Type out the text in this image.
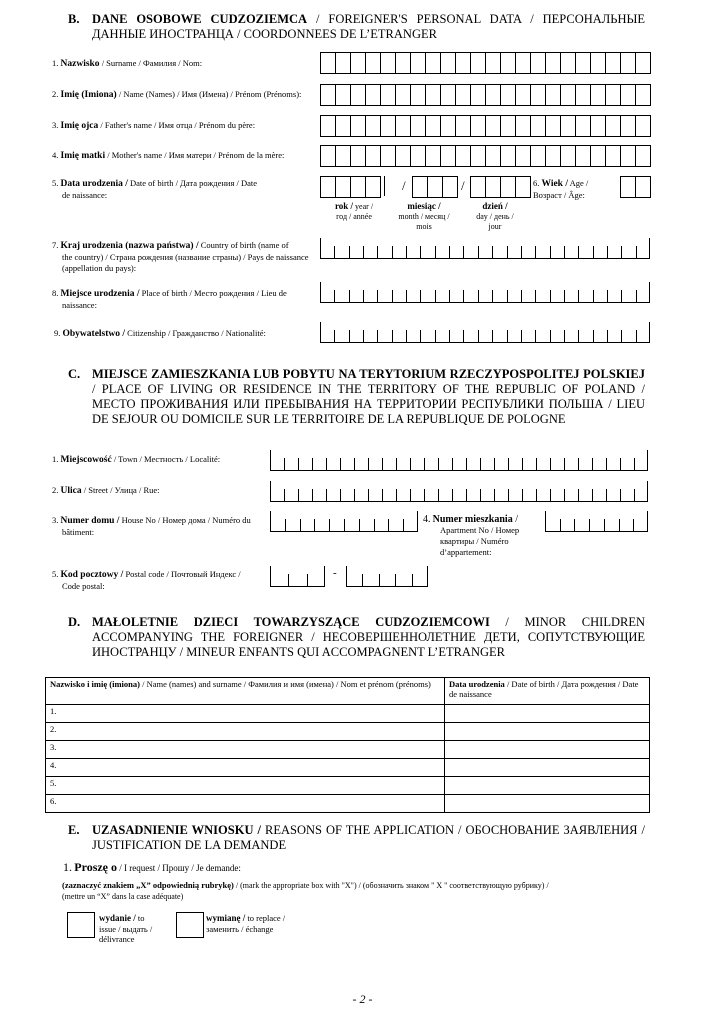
B. DANE OSOBOWE CUDZOZIEMCA / FOREIGNER'S PERSONAL DATA / ПЕРСОНАЛЬНЫЕ ДАННЫЕ ИНОСТРАНЦА / COORDONNEES DE L’ETRANGER
1. Nazwisko / Surname / Фамилия / Nom:
2. Imię (Imiona) / Name (Names) / Имя (Имена) / Prénom (Prénoms):
3. Imię ojca / Father's name / Имя отца / Prénom du père:
4. Imię matki / Mother's name / Имя матери / Prénom de la mère:
5. Data urodzenia / Date of birth / Дата рождения / Date
de naissance:
/	/
rok / year /
год / année
miesiąc /
month / месяц /
mois
dzień /
day / день /
jour
6. Wiek / Age /
Возраст / Âge:
7. Kraj urodzenia (nazwa państwa) / Country of birth (name of
the country) / Страна рождения (название страны) / Pays de naissance (appellation du pays):
8. Miejsce urodzenia / Place of birth / Место рождения / Lieu de
naissance:
9. Obywatelstwo / Citizenship / Гражданство / Nationalité:
C. MIEJSCE ZAMIESZKANIA LUB POBYTU NA TERYTORIUM RZECZYPOSPOLITEJ POLSKIEJ / PLACE OF LIVING OR RESIDENCE IN THE TERRITORY OF THE REPUBLIC OF POLAND / МЕСТО ПРОЖИВАНИЯ ИЛИ ПРЕБЫВАНИЯ НА ТЕРРИТОРИИ РЕСПУБЛИКИ ПОЛЬША / LIEU DE SEJOUR OU DOMICILE SUR LE TERRITOIRE DE LA REPUBLIQUE DE POLOGNE
1. Miejscowość / Town / Местность / Localité:
2. Ulica / Street / Улица / Rue:
3. Numer domu / House No / Номер дома / Numéro du
bâtiment:
4. Numer mieszkania /
Apartment No / Номер
квартиры / Numéro
d’appartement:
5. Kod pocztowy / Postal code / Почтовый Индекс /
Code postal:
-
D. MAŁOLETNIE DZIECI TOWARZYSZĄCE CUDZOZIEMCOWI / MINOR CHILDREN ACCOMPANYING THE FOREIGNER / НЕСОВЕРШЕННОЛЕТНИЕ ДЕТИ, СОПУТСТВУЮЩИЕ ИНОСТРАНЦУ / MINEUR ENFANTS QUI ACCOMPAGNENT L’ETRANGER
Nazwisko i imię (imiona) / Name (names) and surname / Фамилия и имя (имена) / Nom et prénom (prénoms)	Data urodzenia / Date of birth / Дата рождения / Date de naissance
1.	
2.	
3.	
4.	
5.	
6.	
E. UZASADNIENIE WNIOSKU / REASONS OF THE APPLICATION / ОБОСНОВАНИЕ ЗАЯВЛЕНИЯ / JUSTIFICATION DE LA DEMANDE
1. Proszę o / I request / Прошу / Je demande:
(zaznaczyć znakiem „X” odpowiednią rubrykę) / (mark the appropriate box with "X") / (обозначить знаком " X " соответствующую рубрику) /
(mettre un “X” dans la case adéquate)
wydanie / to
issue / выдать /
délivrance
wymianę / to replace /
заменить / échange
- 2 -
